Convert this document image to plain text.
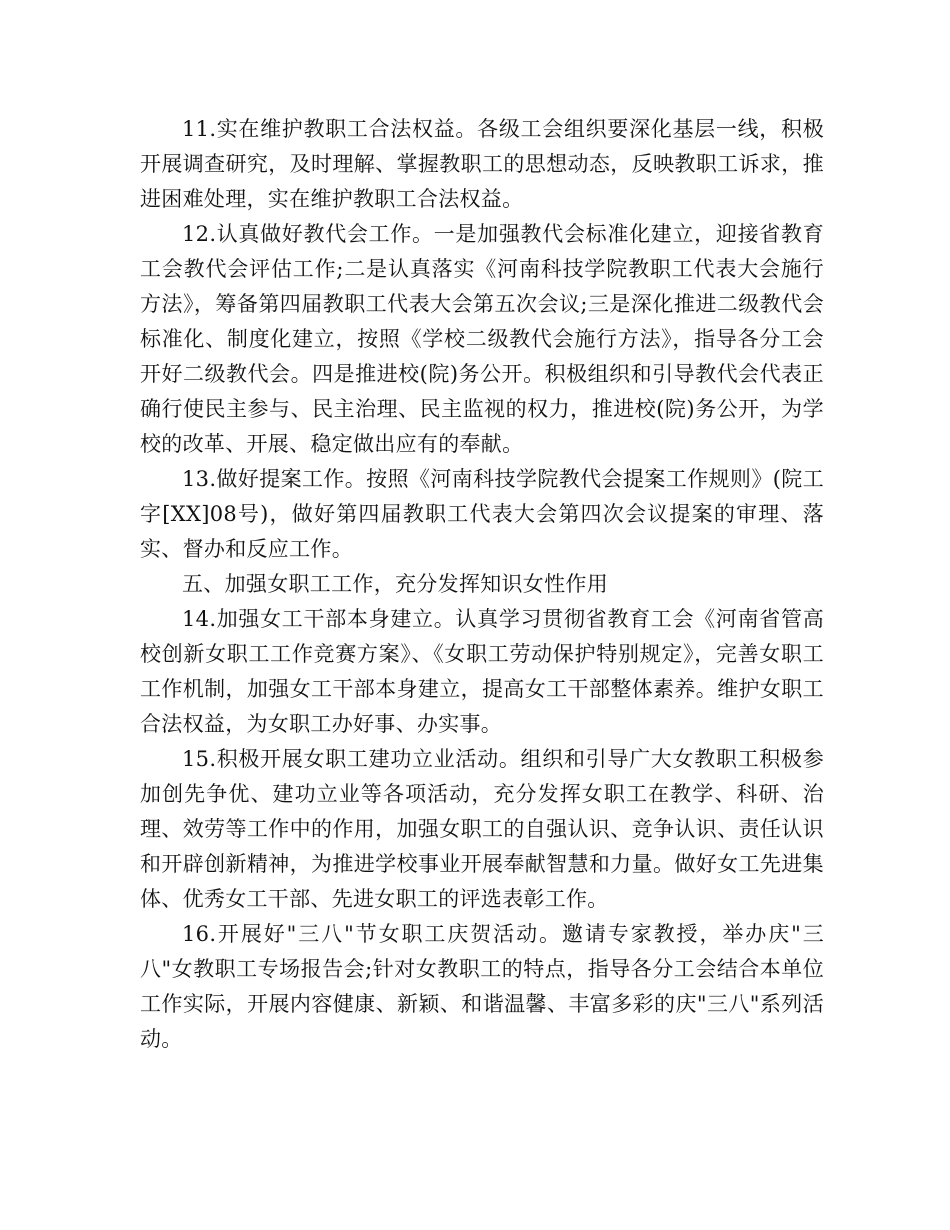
11.实在维护教职工合法权益。各级工会组织要深化基层一线，积极开展调查研究，及时理解、掌握教职工的思想动态，反映教职工诉求，推进困难处理，实在维护教职工合法权益。

12.认真做好教代会工作。一是加强教代会标准化建立，迎接省教育工会教代会评估工作;二是认真落实《河南科技学院教职工代表大会施行方法》，筹备第四届教职工代表大会第五次会议;三是深化推进二级教代会标准化、制度化建立，按照《学校二级教代会施行方法》，指导各分工会开好二级教代会。四是推进校(院)务公开。积极组织和引导教代会代表正确行使民主参与、民主治理、民主监视的权力，推进校(院)务公开，为学校的改革、开展、稳定做出应有的奉献。

13.做好提案工作。按照《河南科技学院教代会提案工作规则》(院工字[XX]08号)，做好第四届教职工代表大会第四次会议提案的审理、落实、督办和反应工作。

五、加强女职工工作，充分发挥知识女性作用

14.加强女工干部本身建立。认真学习贯彻省教育工会《河南省管高校创新女职工工作竞赛方案》、《女职工劳动保护特别规定》，完善女职工工作机制，加强女工干部本身建立，提高女工干部整体素养。维护女职工合法权益，为女职工办好事、办实事。

15.积极开展女职工建功立业活动。组织和引导广大女教职工积极参加创先争优、建功立业等各项活动，充分发挥女职工在教学、科研、治理、效劳等工作中的作用，加强女职工的自强认识、竞争认识、责任认识和开辟创新精神，为推进学校事业开展奉献智慧和力量。做好女工先进集体、优秀女工干部、先进女职工的评选表彰工作。

16.开展好"三八"节女职工庆贺活动。邀请专家教授，举办庆"三八"女教职工专场报告会;针对女教职工的特点，指导各分工会结合本单位工作实际，开展内容健康、新颖、和谐温馨、丰富多彩的庆"三八"系列活动。
